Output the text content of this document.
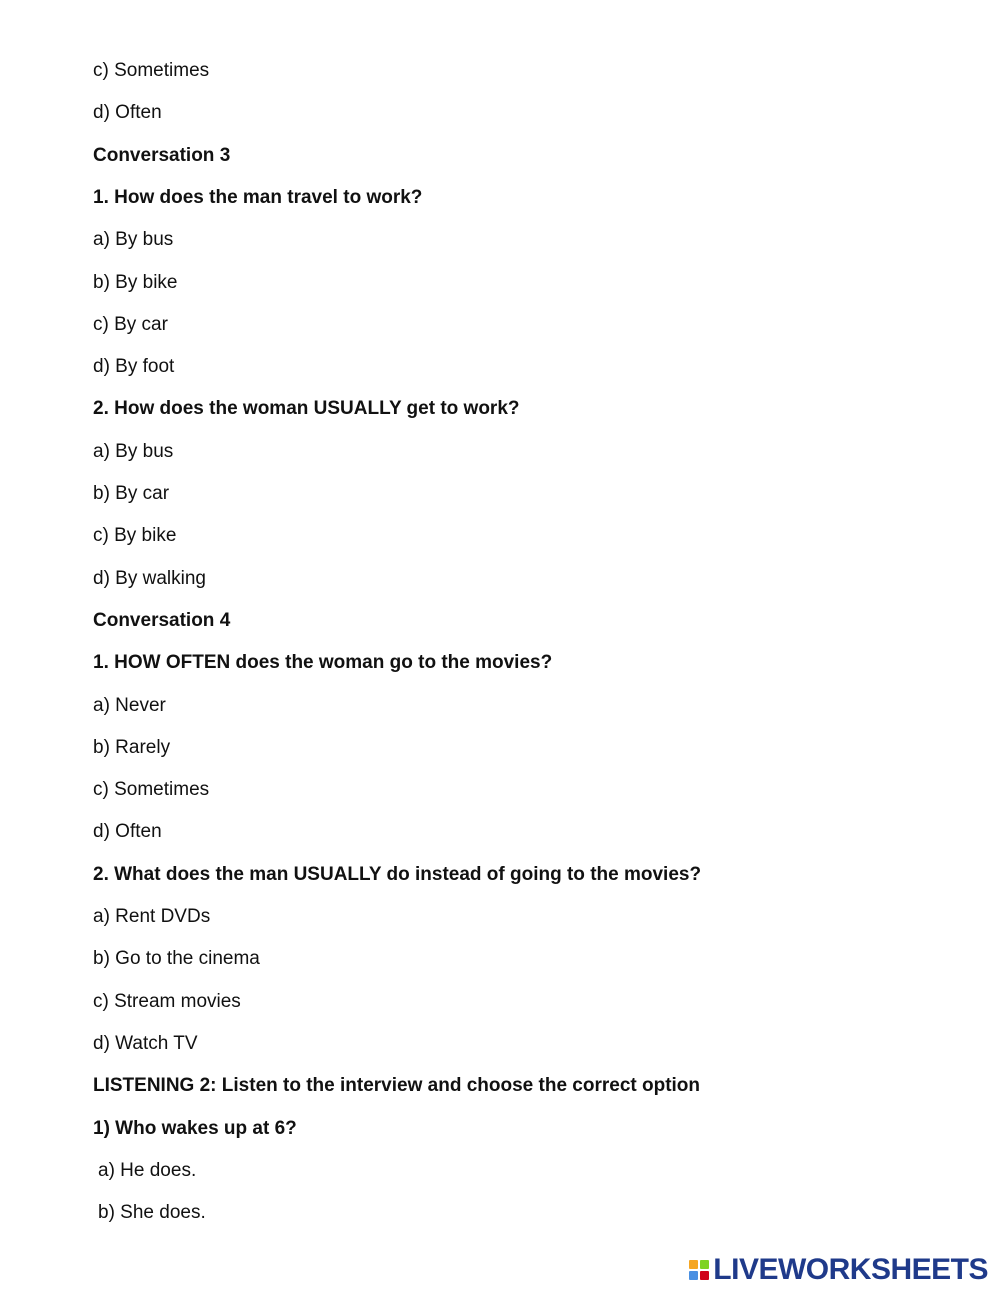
c) Sometimes
d) Often
Conversation 3
1. How does the man travel to work?
a) By bus
b) By bike
c) By car
d) By foot
2. How does the woman USUALLY get to work?
a) By bus
b) By car
c) By bike
d) By walking
Conversation 4
1. HOW OFTEN does the woman go to the movies?
a) Never
b) Rarely
c) Sometimes
d) Often
2. What does the man USUALLY do instead of going to the movies?
a) Rent DVDs
b) Go to the cinema
c) Stream movies
d) Watch TV
LISTENING 2: Listen to the interview and choose the correct option
1) Who wakes up at 6?
a) He does.
b) She does.
LIVEWORKSHEETS
